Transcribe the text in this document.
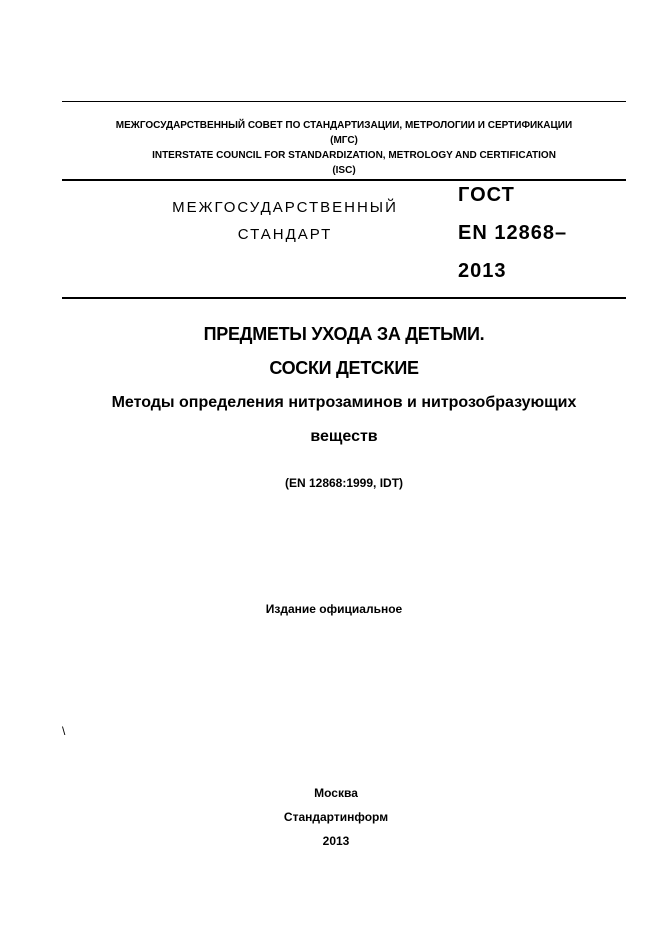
МЕЖГОСУДАРСТВЕННЫЙ СОВЕТ ПО СТАНДАРТИЗАЦИИ, МЕТРОЛОГИИ И СЕРТИФИКАЦИИ
(МГС)
INTERSTATE COUNCIL FOR STANDARDIZATION, METROLOGY AND CERTIFICATION
(ISC)
МЕЖГОСУДАРСТВЕННЫЙ
СТАНДАРТ
ГОСТ
EN 12868–
2013
ПРЕДМЕТЫ УХОДА ЗА ДЕТЬМИ.
СОСКИ ДЕТСКИЕ
Методы определения нитрозаминов и нитрозобразующих
веществ
(EN 12868:1999, IDT)
Издание официальное
\
Москва
Стандартинформ
2013
